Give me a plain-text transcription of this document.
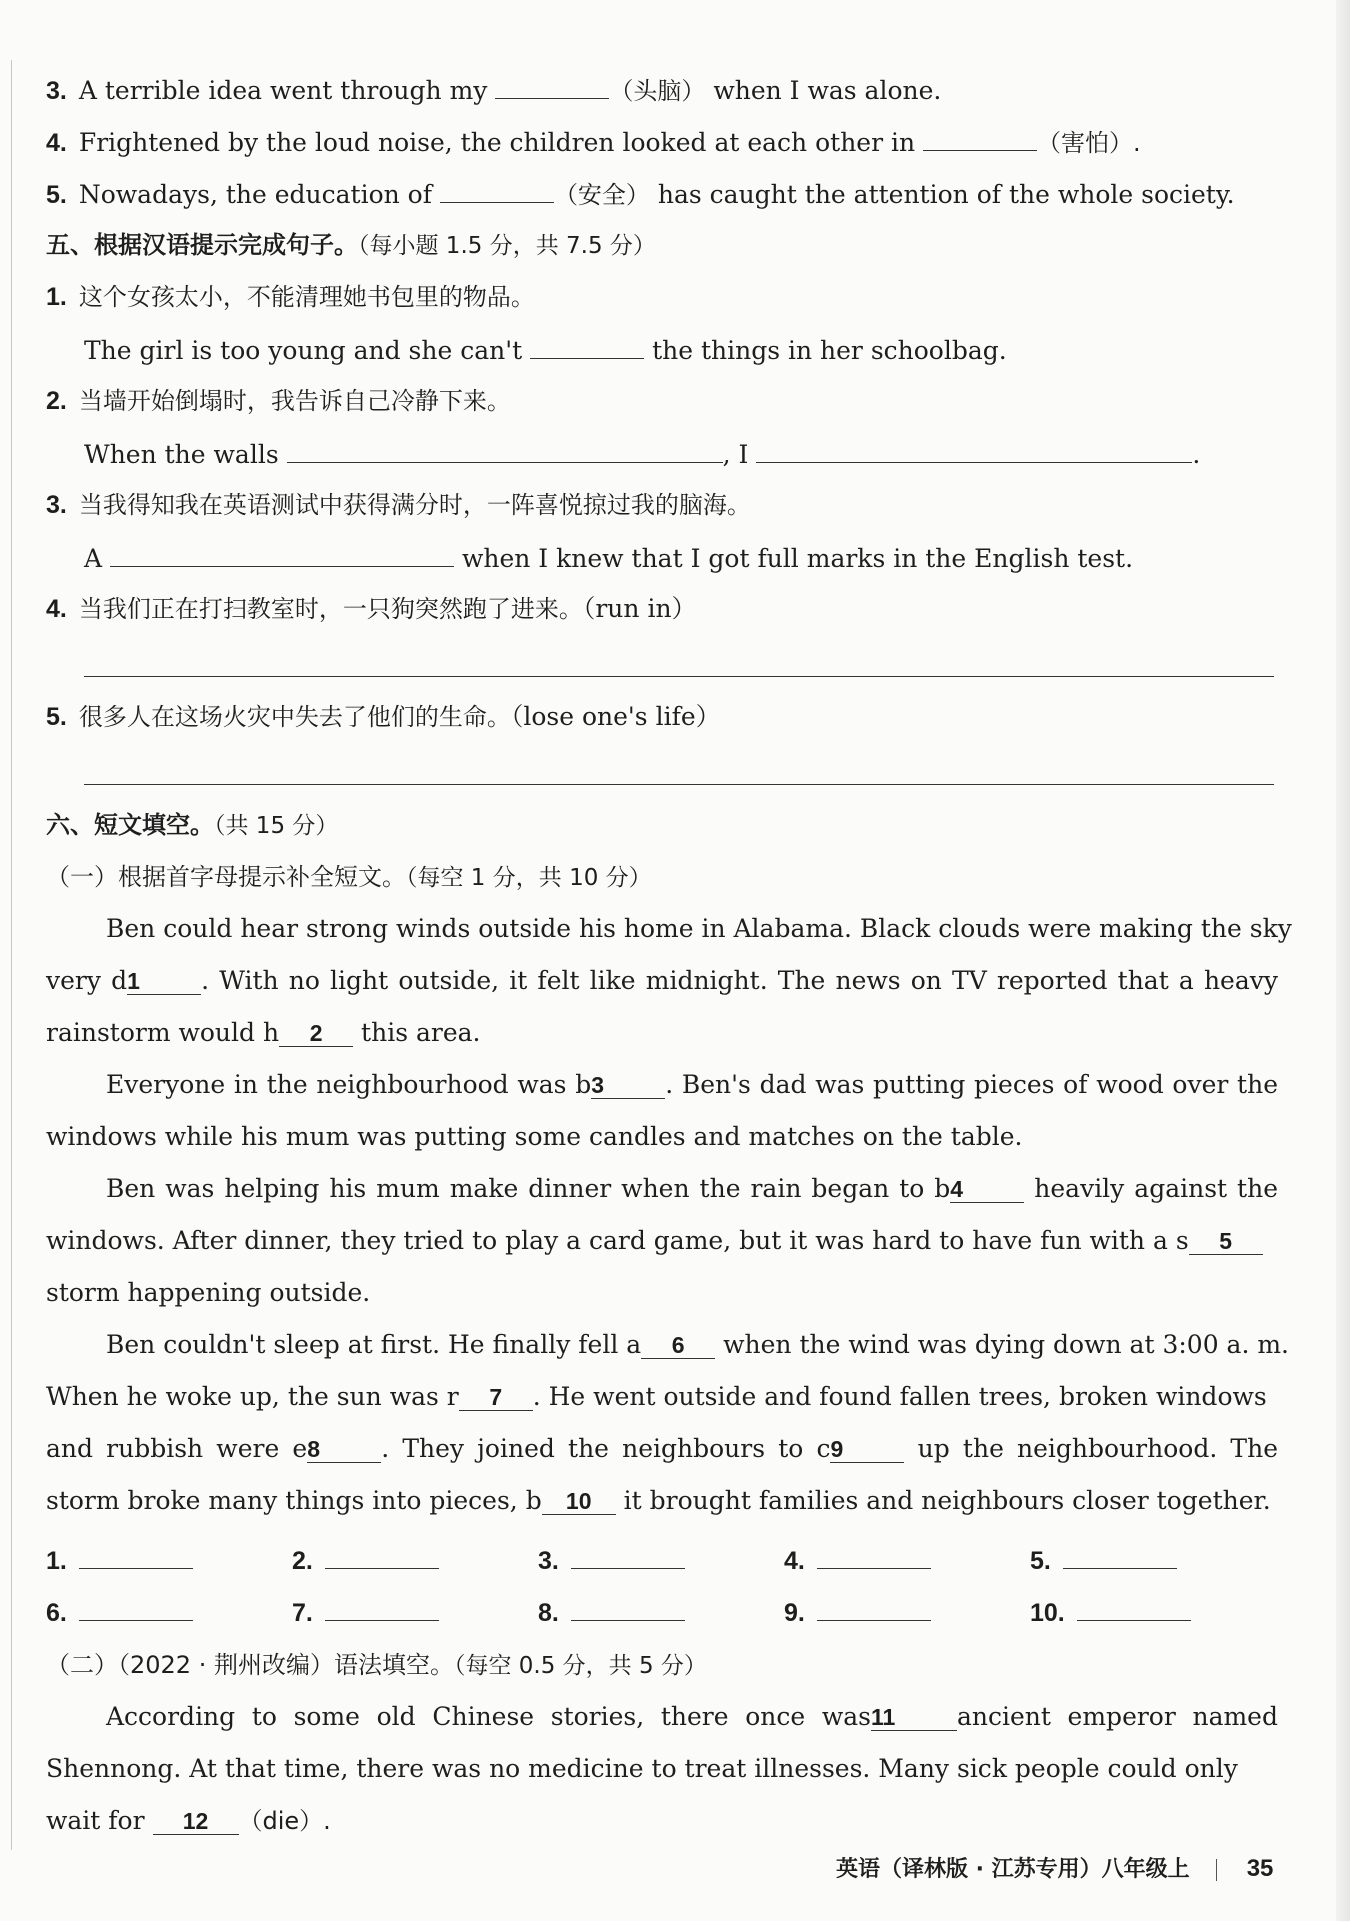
3. A terrible idea went through my	（头脑） when I was alone.
4. Frightened by the loud noise, the children looked at each other in	（害怕）.
5. Nowadays, the education of	（安全） has caught the attention of the whole society.
五、根据汉语提示完成句子。（每小题 1.5 分，共 7.5 分）
1. 这个女孩太小，不能清理她书包里的物品。
The girl is too young and she can't	the things in her schoolbag.
2. 当墙开始倒塌时，我告诉自己冷静下来。
When the walls	, I	.
3. 当我得知我在英语测试中获得满分时，一阵喜悦掠过我的脑海。
A	when I knew that I got full marks in the English test.
4. 当我们正在打扫教室时，一只狗突然跑了进来。（run in）
5. 很多人在这场火灾中失去了他们的生命。（lose one's life）
六、短文填空。（共 15 分）
（一）根据首字母提示补全短文。（每空 1 分，共 10 分）
Ben could hear strong winds outside his home in Alabama. Black clouds were making the sky
very d1 . With no light outside, it felt like midnight. The news on TV reported that a heavy
rainstorm would h 2 this area.
Everyone in the neighbourhood was b3 . Ben's dad was putting pieces of wood over the
windows while his mum was putting some candles and matches on the table.
Ben was helping his mum make dinner when the rain began to b4	heavily against the
windows. After dinner, they tried to play a card game, but it was hard to have fun with a s 5
storm happening outside.
Ben couldn't sleep at first. He finally fell a 6 when the wind was dying down at 3:00 a. m.
When he woke up, the sun was r 7 . He went outside and found fallen trees, broken windows
and rubbish were e8 . They joined the neighbours to c9	up the neighbourhood. The
storm broke many things into pieces, b 10 it brought families and neighbours closer together.
1.	2.	3.	4.	5.
6.	7.	8.	9.	10.
（二）（2022 · 荆州改编）语法填空。（每空 0.5 分，共 5 分）
According to some old Chinese stories, there once was11 ancient emperor named
Shennong. At that time, there was no medicine to treat illnesses. Many sick people could only
wait for 12 （die）.
英语（译林版 · 江苏专用）八年级上 35
